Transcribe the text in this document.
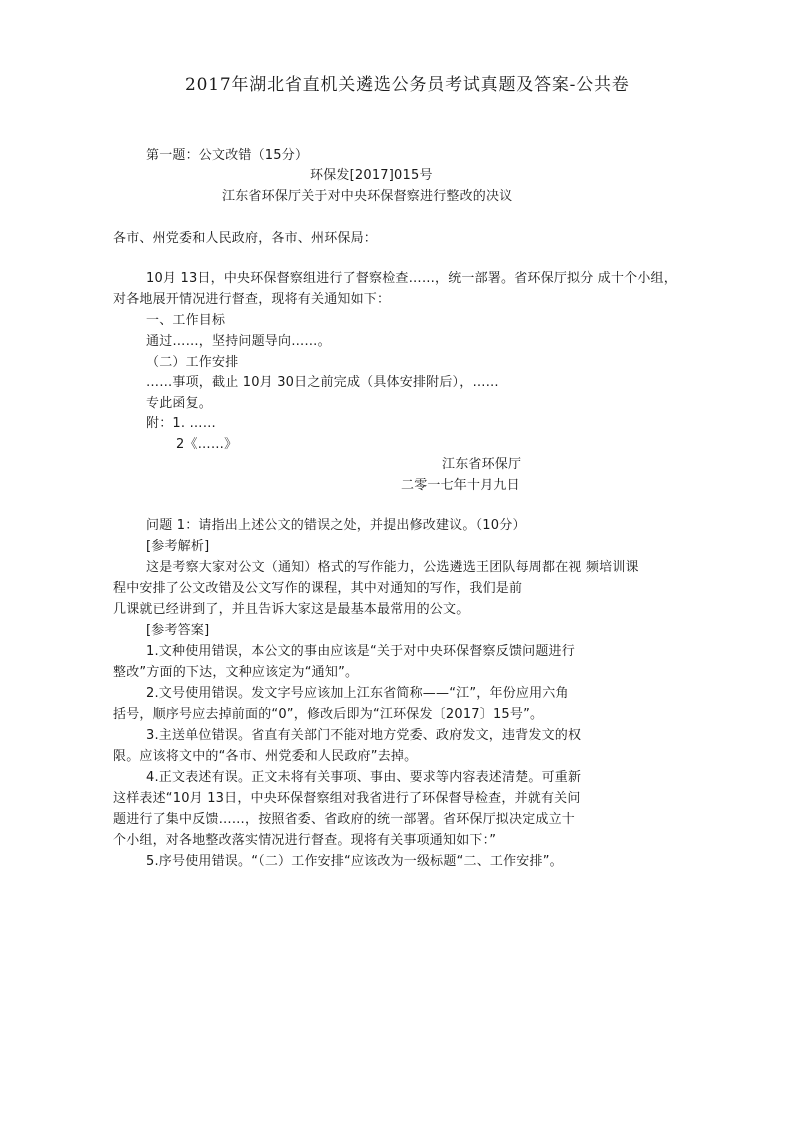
2017年湖北省直机关遴选公务员考试真题及答案-公共卷
第一题：公文改错（15分）
环保发[2017]015号
江东省环保厅关于对中央环保督察进行整改的决议
各市、州党委和人民政府，各市、州环保局：
10月 13日，中央环保督察组进行了督察检查……，统一部署。省环保厅拟分 成十个小组，
对各地展开情况进行督查，现将有关通知如下：
一、工作目标
通过……，坚持问题导向……。
（二）工作安排
……事项，截止 10月 30日之前完成（具体安排附后），……
专此函复。
附：1. ……
2《……》
江东省环保厅
二零一七年十月九日
问题 1：请指出上述公文的错误之处，并提出修改建议。（10分）
[参考解析]
这是考察大家对公文（通知）格式的写作能力，公选遴选王团队每周都在视 频培训课
程中安排了公文改错及公文写作的课程，其中对通知的写作，我们是前
几课就已经讲到了，并且告诉大家这是最基本最常用的公文。
[参考答案]
1.文种使用错误，本公文的事由应该是“关于对中央环保督察反馈问题进行
整改”方面的下达，文种应该定为“通知”。
2.文号使用错误。发文字号应该加上江东省简称——“江”，年份应用六角
括号，顺序号应去掉前面的“0”，修改后即为“江环保发〔2017〕15号”。
3.主送单位错误。省直有关部门不能对地方党委、政府发文，违背发文的权
限。应该将文中的“各市、州党委和人民政府”去掉。
4.正文表述有误。正文未将有关事项、事由、要求等内容表述清楚。可重新
这样表述“10月 13日，中央环保督察组对我省进行了环保督导检查，并就有关问
题进行了集中反馈……，按照省委、省政府的统一部署。省环保厅拟决定成立十
个小组，对各地整改落实情况进行督查。现将有关事项通知如下：”
5.序号使用错误。“（二）工作安排“应该改为一级标题“二、工作安排”。
